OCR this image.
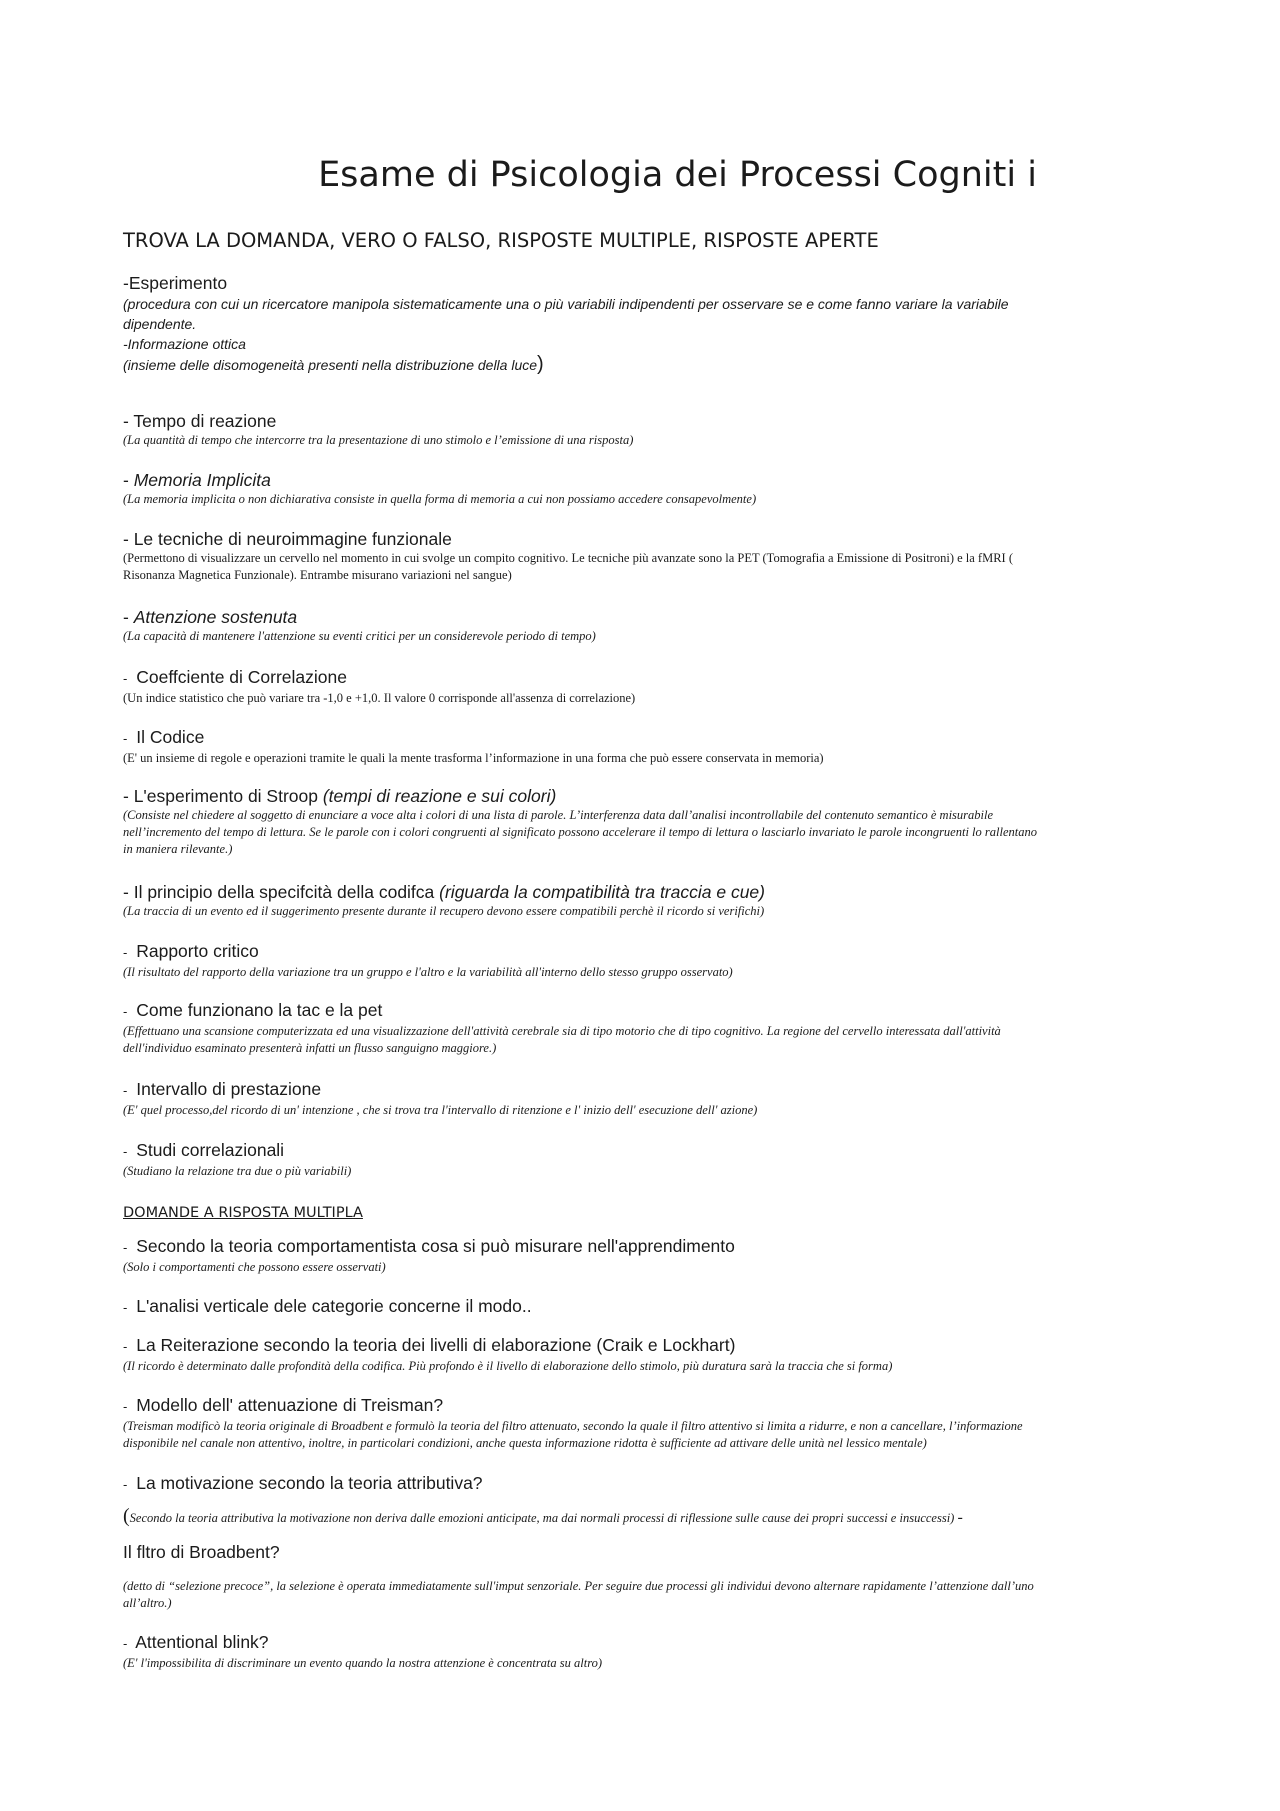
Esame di Psicologia dei Processi Cogniti i
TROVA LA DOMANDA, VERO O FALSO, RISPOSTE MULTIPLE, RISPOSTE APERTE
-Esperimento
(procedura con cui un ricercatore manipola sistematicamente una o più variabili indipendenti per osservare se e come fanno variare la variabile
dipendente.
-Informazione ottica
(insieme delle disomogeneità presenti nella distribuzione della luce)
- Tempo di reazione
(La quantità di tempo che intercorre tra la presentazione di uno stimolo e l’emissione di una risposta)
- Memoria Implicita
(La memoria implicita o non dichiarativa consiste in quella forma di memoria a cui non possiamo accedere consapevolmente)
- Le tecniche di neuroimmagine funzionale
(Permettono di visualizzare un cervello nel momento in cui svolge un compito cognitivo. Le tecniche più avanzate sono la PET (Tomografia a Emissione di Positroni) e la fMRI (
Risonanza Magnetica Funzionale). Entrambe misurano variazioni nel sangue)
- Attenzione sostenuta
(La capacità di mantenere l'attenzione su eventi critici per un considerevole periodo di tempo)
- Coeffciente di Correlazione
(Un indice statistico che può variare tra -1,0 e +1,0. Il valore 0 corrisponde all'assenza di correlazione)
- Il Codice
(E' un insieme di regole e operazioni tramite le quali la mente trasforma l’informazione in una forma che può essere conservata in memoria)
- L'esperimento di Stroop (tempi di reazione e sui colori)
(Consiste nel chiedere al soggetto di enunciare a voce alta i colori di una lista di parole. L’interferenza data dall’analisi incontrollabile del contenuto semantico è misurabile
nell’incremento del tempo di lettura. Se le parole con i colori congruenti al significato possono accelerare il tempo di lettura o lasciarlo invariato le parole incongruenti lo rallentano
in maniera rilevante.)
- Il principio della specifcità della codifca (riguarda la compatibilità tra traccia e cue)
(La traccia di un evento ed il suggerimento presente durante il recupero devono essere compatibili perchè il ricordo si verifichi)
- Rapporto critico
(Il risultato del rapporto della variazione tra un gruppo e l'altro e la variabilità all'interno dello stesso gruppo osservato)
- Come funzionano la tac e la pet
(Effettuano una scansione computerizzata ed una visualizzazione dell'attività cerebrale sia di tipo motorio che di tipo cognitivo. La regione del cervello interessata dall'attività
dell'individuo esaminato presenterà infatti un flusso sanguigno maggiore.)
- Intervallo di prestazione
(E' quel processo,del ricordo di un' intenzione , che si trova tra l'intervallo di ritenzione e l' inizio dell' esecuzione dell' azione)
- Studi correlazionali
(Studiano la relazione tra due o più variabili)
DOMANDE A RISPOSTA MULTIPLA
- Secondo la teoria comportamentista cosa si può misurare nell'apprendimento
(Solo i comportamenti che possono essere osservati)
- L'analisi verticale dele categorie concerne il modo..
- La Reiterazione secondo la teoria dei livelli di elaborazione (Craik e Lockhart)
(Il ricordo è determinato dalle profondità della codifica. Più profondo è il livello di elaborazione dello stimolo, più duratura sarà la traccia che si forma)
- Modello dell' attenuazione di Treisman?
(Treisman modificò la teoria originale di Broadbent e formulò la teoria del filtro attenuato, secondo la quale il filtro attentivo si limita a ridurre, e non a cancellare, l’informazione
disponibile nel canale non attentivo, inoltre, in particolari condizioni, anche questa informazione ridotta è sufficiente ad attivare delle unità nel lessico mentale)
- La motivazione secondo la teoria attributiva?
(Secondo la teoria attributiva la motivazione non deriva dalle emozioni anticipate, ma dai normali processi di riflessione sulle cause dei propri successi e insuccessi) -
Il fltro di Broadbent?
(detto di “selezione precoce”, la selezione è operata immediatamente sull'imput senzoriale. Per seguire due processi gli individui devono alternare rapidamente l’attenzione dall’uno
all’altro.)
- Attentional blink?
(E' l'impossibilita di discriminare un evento quando la nostra attenzione è concentrata su altro)
